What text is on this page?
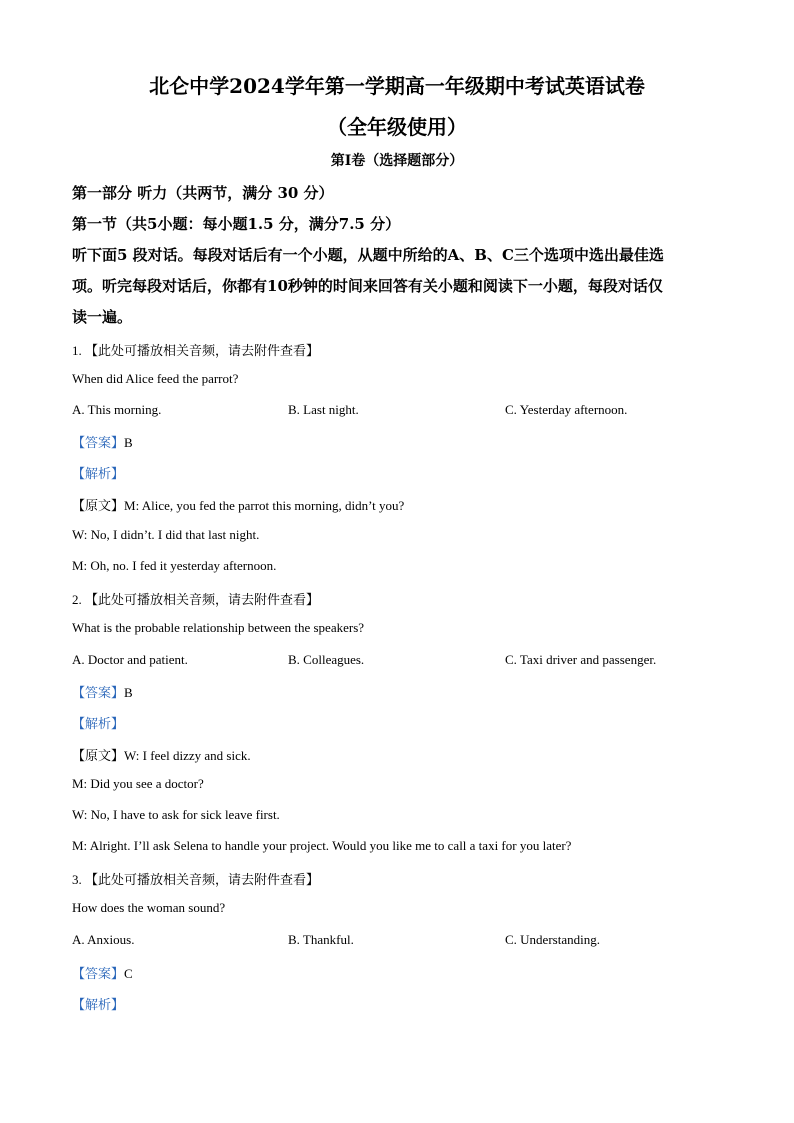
北仑中学2024学年第一学期高一年级期中考试英语试卷
（全年级使用）
第I卷（选择题部分）
第一部分 听力（共两节，满分 30 分）
第一节（共5小题：每小题1.5 分，满分7.5 分）
听下面5 段对话。每段对话后有一个小题，从题中所给的A、B、C三个选项中选出最佳选
项。听完每段对话后，你都有10秒钟的时间来回答有关小题和阅读下一小题，每段对话仅
读一遍。
1. 【此处可播放相关音频，请去附件查看】
When did Alice feed the parrot?
A. This morning.	B. Last night.	C. Yesterday afternoon.
【答案】B
【解析】
【原文】M: Alice, you fed the parrot this morning, didn’t you?
W: No, I didn’t. I did that last night.
M: Oh, no. I fed it yesterday afternoon.
2. 【此处可播放相关音频，请去附件查看】
What is the probable relationship between the speakers?
A. Doctor and patient.	B. Colleagues.	C. Taxi driver and passenger.
【答案】B
【解析】
【原文】W: I feel dizzy and sick.
M: Did you see a doctor?
W: No, I have to ask for sick leave first.
M: Alright. I’ll ask Selena to handle your project. Would you like me to call a taxi for you later?
3. 【此处可播放相关音频，请去附件查看】
How does the woman sound?
A. Anxious.	B. Thankful.	C. Understanding.
【答案】C
【解析】
